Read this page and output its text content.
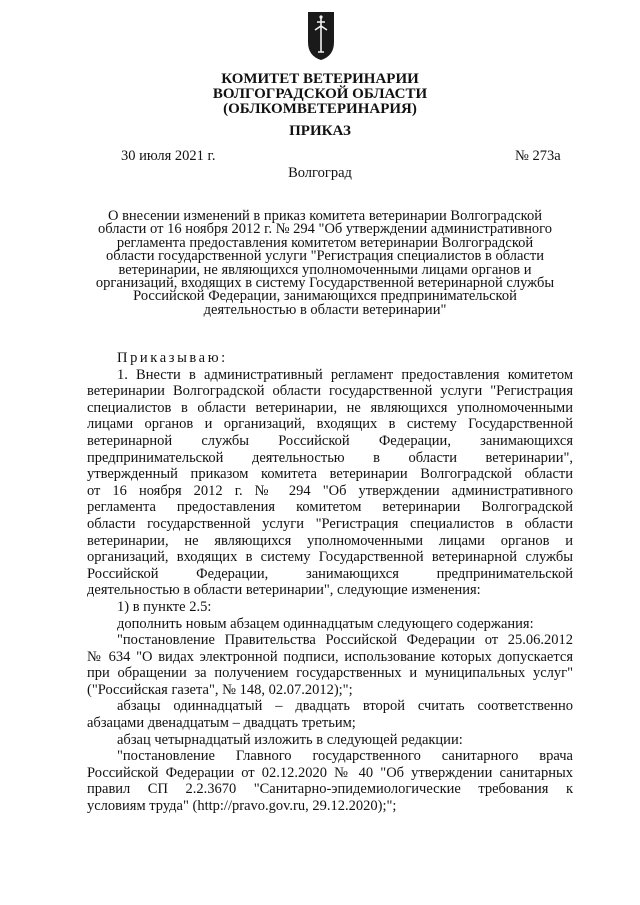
КОМИТЕТ ВЕТЕРИНАРИИ
ВОЛГОГРАДСКОЙ ОБЛАСТИ
(ОБЛКОМВЕТЕРИНАРИЯ)
ПРИКАЗ
30 июля 2021 г.	№ 273а
Волгоград
О внесении изменений в приказ комитета ветеринарии Волгоградской
области от 16 ноября 2012 г. № 294 "Об утверждении административного
регламента предоставления комитетом ветеринарии Волгоградской
области государственной услуги "Регистрация специалистов в области
ветеринарии, не являющихся уполномоченными лицами органов и
организаций, входящих в систему Государственной ветеринарной службы
Российской Федерации, занимающихся предпринимательской
деятельностью в области ветеринарии"

Приказываю:

1. Внести в административный регламент предоставления комитетом
ветеринарии Волгоградской области государственной услуги "Регистрация
специалистов в области ветеринарии, не являющихся уполномоченными
лицами органов и организаций, входящих в систему Государственной
ветеринарной службы Российской Федерации, занимающихся
предпринимательской деятельностью в области ветеринарии",
утвержденный приказом комитета ветеринарии Волгоградской области
от 16 ноября 2012 г. № 294 "Об утверждении административного
регламента предоставления комитетом ветеринарии Волгоградской
области государственной услуги "Регистрация специалистов в области
ветеринарии, не являющихся уполномоченными лицами органов и
организаций, входящих в систему Государственной ветеринарной службы
Российской Федерации, занимающихся предпринимательской
деятельностью в области ветеринарии", следующие изменения:

1) в пункте 2.5:

дополнить новым абзацем одиннадцатым следующего содержания:

"постановление Правительства Российской Федерации от 25.06.2012
№ 634 "О видах электронной подписи, использование которых допускается
при обращении за получением государственных и муниципальных услуг"
("Российская газета", № 148, 02.07.2012);";

абзацы одиннадцатый – двадцать второй считать соответственно
абзацами двенадцатым – двадцать третьим;

абзац четырнадцатый изложить в следующей редакции:

"постановление Главного государственного санитарного врача
Российской Федерации от 02.12.2020 № 40 "Об утверждении санитарных
правил СП 2.2.3670 "Санитарно-эпидемиологические требования к
условиям труда" (http://pravo.gov.ru, 29.12.2020);";
